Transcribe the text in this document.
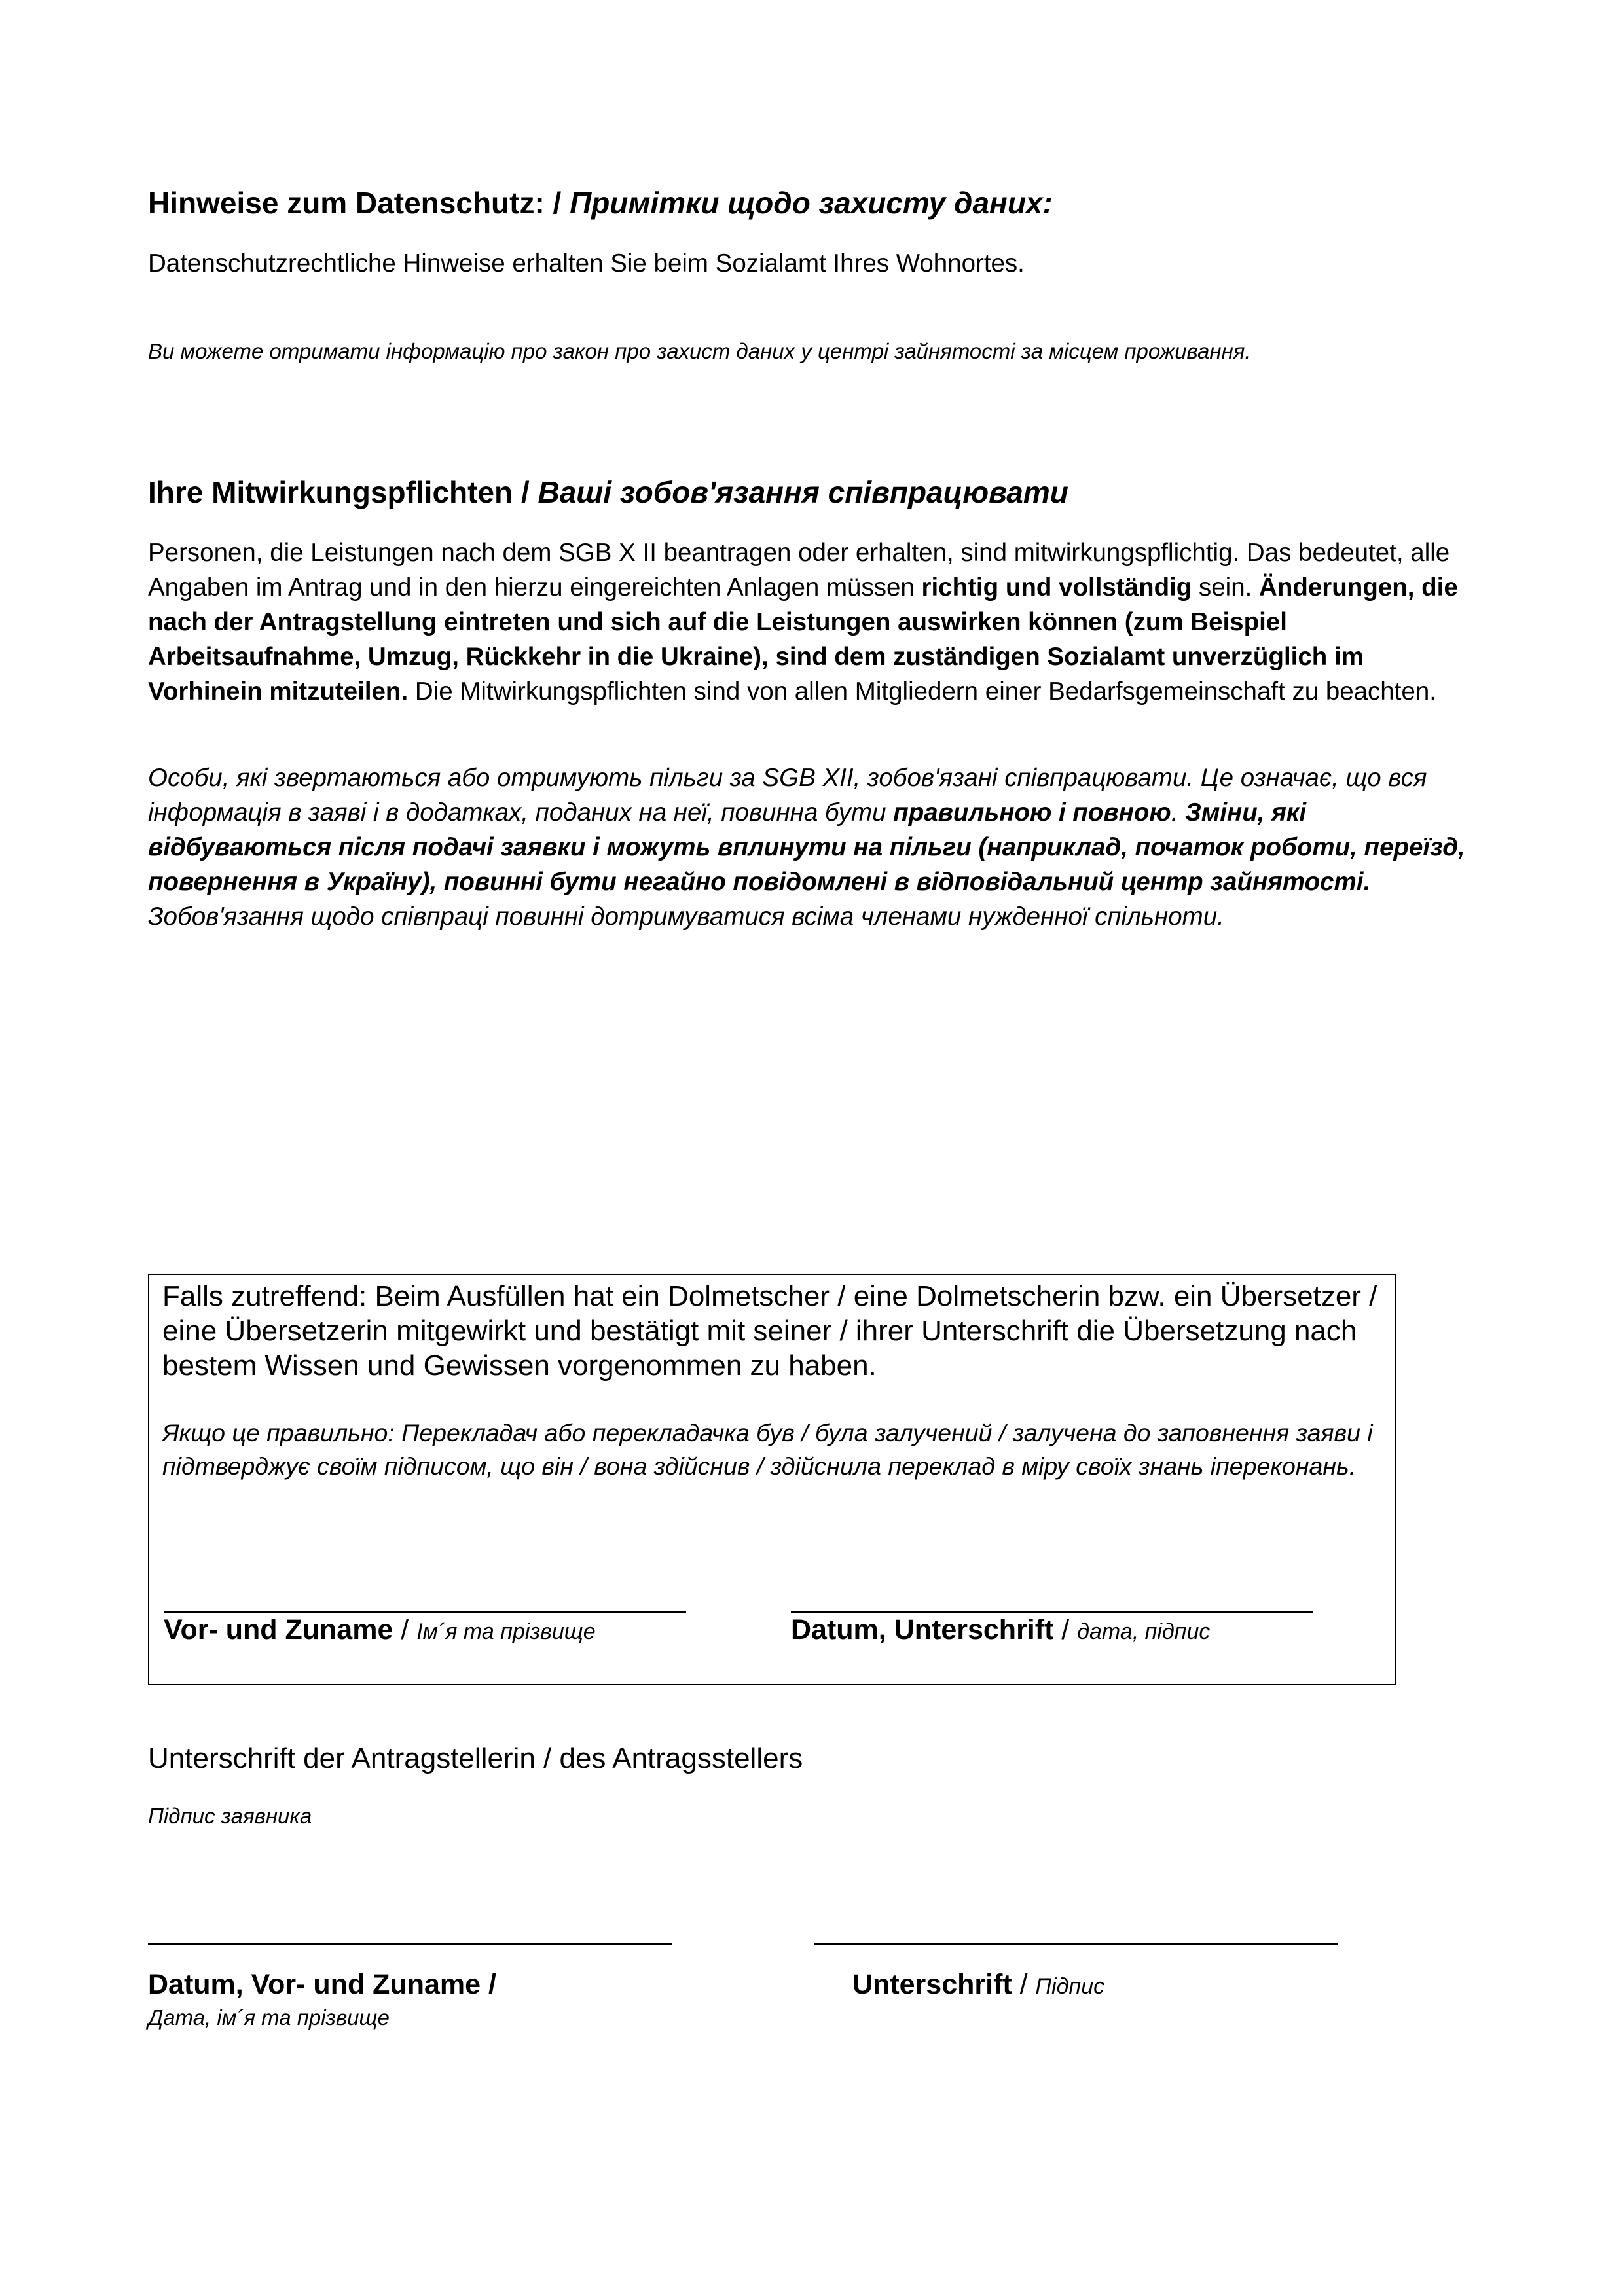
Hinweise zum Datenschutz: / Примітки щодо захисту даних:
Datenschutzrechtliche Hinweise erhalten Sie beim Sozialamt Ihres Wohnortes.
Ви можете отримати інформацію про закон про захист даних у центрі зайнятості за місцем проживання.
Ihre Mitwirkungspflichten / Ваші зобов'язання співпрацювати
Personen, die Leistungen nach dem SGB X II beantragen oder erhalten, sind mitwirkungspflichtig. Das bedeutet, alle Angaben im Antrag und in den hierzu eingereichten Anlagen müssen richtig und vollständig sein. Änderungen, die nach der Antragstellung eintreten und sich auf die Leistungen auswirken können (zum Beispiel Arbeitsaufnahme, Umzug, Rückkehr in die Ukraine), sind dem zuständigen Sozialamt unverzüglich im Vorhinein mitzuteilen. Die Mitwirkungspflichten sind von allen Mitgliedern einer Bedarfsgemeinschaft zu beachten.
Особи, які звертаються або отримують пільги за SGB XII, зобов'язані співпрацювати. Це означає, що вся інформація в заяві і в додатках, поданих на неї, повинна бути правильною і повною. Зміни, які відбуваються після подачі заявки і можуть вплинути на пільги (наприклад, початок роботи, переїзд, повернення в Україну), повинні бути негайно повідомлені в відповідальний центр зайнятості. Зобов'язання щодо співпраці повинні дотримуватися всіма членами нужденної спільноти.
Falls zutreffend: Beim Ausfüllen hat ein Dolmetscher / eine Dolmetscherin bzw. ein Übersetzer / eine Übersetzerin mitgewirkt und bestätigt mit seiner / ihrer Unterschrift die Übersetzung nach bestem Wissen und Gewissen vorgenommen zu haben.
Якщо це правильно: Перекладач або перекладачка був / була залучений / залучена до заповнення заяви і підтверджує своїм підписом, що він / вона здійснив / здійснила переклад в міру своїх знань іпереконань.
Vor- und Zuname / Ім´я та прізвище	Datum, Unterschrift / дата, підпис
Unterschrift der Antragstellerin / des Antragsstellers
Підпис заявника
Datum, Vor- und Zuname /
Дата, ім´я та прізвище
Unterschrift / Підпис
